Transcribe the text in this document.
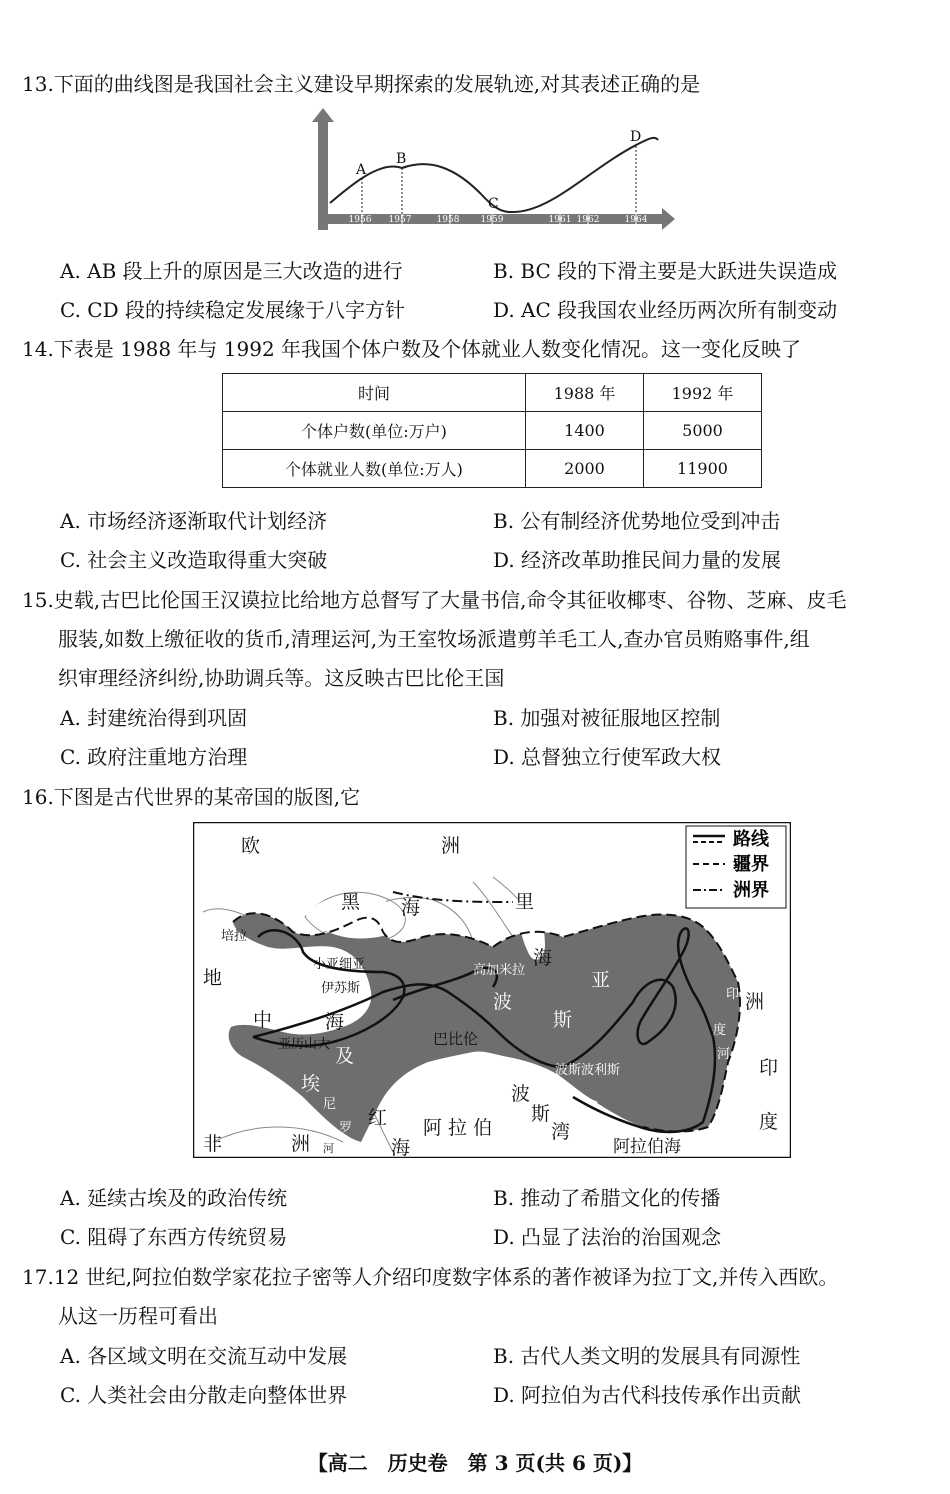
13.下面的曲线图是我国社会主义建设早期探索的发展轨迹,对其表述正确的是
1956 1957	1958 1959	1961 1962	1964
A
B
C
D
A. AB 段上升的原因是三大改造的进行	B. BC 段的下滑主要是大跃进失误造成
C. CD 段的持续稳定发展缘于八字方针	D. AC 段我国农业经历两次所有制变动
14.下表是 1988 年与 1992 年我国个体户数及个体就业人数变化情况。这一变化反映了
时间	1988 年	1992 年
个体户数(单位:万户)	1400	5000
个体就业人数(单位:万人)	2000	11900
A. 市场经济逐渐取代计划经济	B. 公有制经济优势地位受到冲击
C. 社会主义改造取得重大突破	D. 经济改革助推民间力量的发展
15.史载,古巴比伦国王汉谟拉比给地方总督写了大量书信,命令其征收椰枣、谷物、芝麻、皮毛
服装,如数上缴征收的货币,清理运河,为王室牧场派遣剪羊毛工人,查办官员贿赂事件,组
织审理经济纠纷,协助调兵等。这反映古巴比伦王国
A. 封建统治得到巩固	B. 加强对被征服地区控制
C. 政府注重地方治理	D. 总督独立行使军政大权
16.下图是古代世界的某帝国的版图,它
路线
疆界
洲界
欧	洲
黑 海	里
海
地
中	海
亚
斯
波
埃
及
洲
印
度
非	洲
红
海
阿 拉 伯
波
斯
湾
阿拉伯海
培拉
小亚细亚
伊苏斯
高加米拉
亚历山大	巴比伦
波斯波利斯
尼
罗
河
印
度
河
A. 延续古埃及的政治传统	B. 推动了希腊文化的传播
C. 阻碍了东西方传统贸易	D. 凸显了法治的治国观念
17.12 世纪,阿拉伯数学家花拉子密等人介绍印度数字体系的著作被译为拉丁文,并传入西欧。
从这一历程可看出
A. 各区域文明在交流互动中发展	B. 古代人类文明的发展具有同源性
C. 人类社会由分散走向整体世界	D. 阿拉伯为古代科技传承作出贡献
【高二　历史卷　第 3 页(共 6 页)】
